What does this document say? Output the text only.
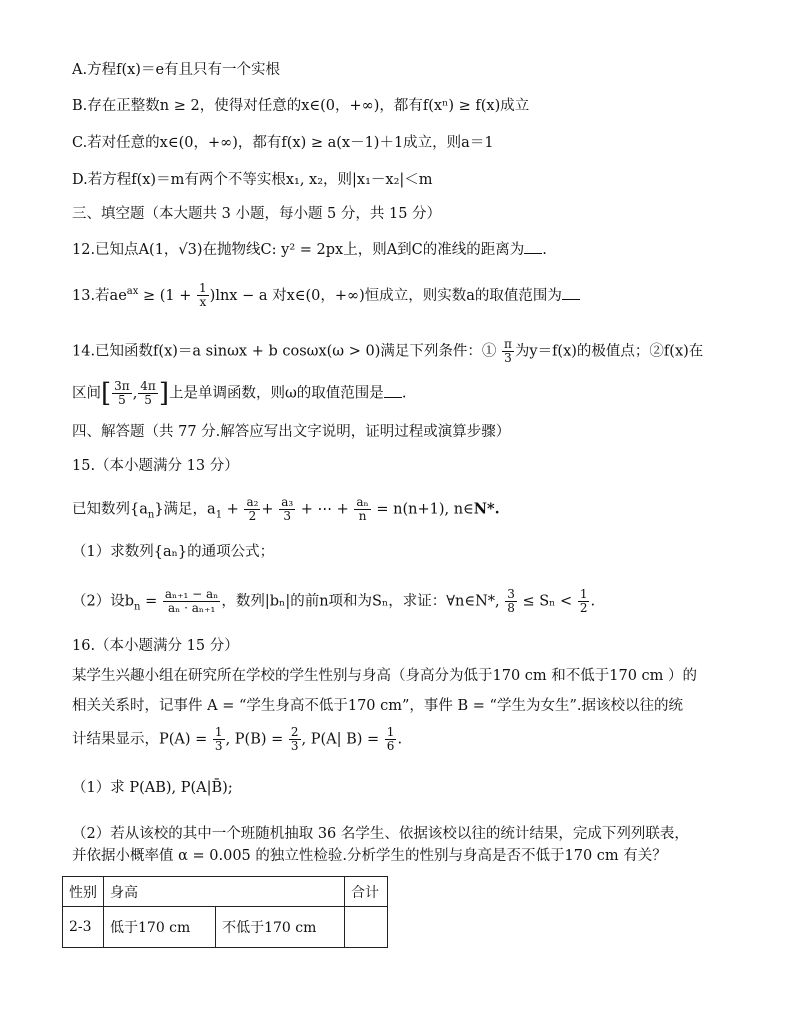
A.方程f(x)＝e有且只有一个实根
B.存在正整数n ≥ 2，使得对任意的x∈(0，+∞)，都有f(xⁿ) ≥ f(x)成立
C.若对任意的x∈(0，+∞)，都有f(x) ≥ a(x－1)＋1成立，则a＝1
D.若方程f(x)＝m有两个不等实根x₁, x₂，则|x₁－x₂|＜m
三、填空题（本大题共 3 小题，每小题 5 分，共 15 分）
12.已知点A(1，√3)在抛物线C: y² = 2px上，则A到C的准线的距离为 .
13.若$ae^{ax} \ge (1 + \frac{1}{x} )\ln x - a$ 对x∈(0，+∞)恒成立，则实数a的取值范围为
14.已知函数f(x)＝a sinωx + b cosωx(ω > 0)满足下列条件：① $\frac{\pi}{3}$ 为y＝f(x)的极值点；②f(x)在
区间[ $\frac{3\pi}{5}$ , $\frac{4\pi}{5}$ ]上是单调函数，则ω的取值范围是 .
四、解答题（共 77 分.解答应写出文字说明，证明过程或演算步骤）
15.（本小题满分 13 分）
已知数列$\{a_n\}$满足，$a_1 + \frac{\text{a₂}}{2} + \frac{\text{a₃}}{3}$ + ⋯ + $\frac{\text{aₙ}}{n} = n(n+1)$, n∈N*.
（1）求数列{aₙ}的通项公式；
（2）设$b_n = \frac{\text{aₙ₊₁ − aₙ}}{\text{aₙ · aₙ₊₁}}$ ，数列|bₙ|的前n项和为Sₙ，求证：∀n∈N*, $\frac{3}{8} \le S_n < \frac{1}{2}$ .
16.（本小题满分 15 分）
某学生兴趣小组在研究所在学校的学生性别与身高（身高分为低于170 cm 和不低于170 cm ）的
相关关系时，记事件 A = “学生身高不低于170 cm”，事件 B = “学生为女生”.据该校以往的统
计结果显示，$P(A) = \frac{1}{3}$ , $P(B) = \frac{2}{3}$ , P(A| $B) = \frac{1}{6}$ .
（1）求 P(AB), P(A|B̄);
（2）若从该校的其中一个班随机抽取 36 名学生、依据该校以往的统计结果，完成下列列联表，
并依据小概率值 α = 0.005 的独立性检验.分析学生的性别与身高是否不低于170 cm 有关？
性别	身高		合计
2-3	低于170 cm	不低于170 cm	
